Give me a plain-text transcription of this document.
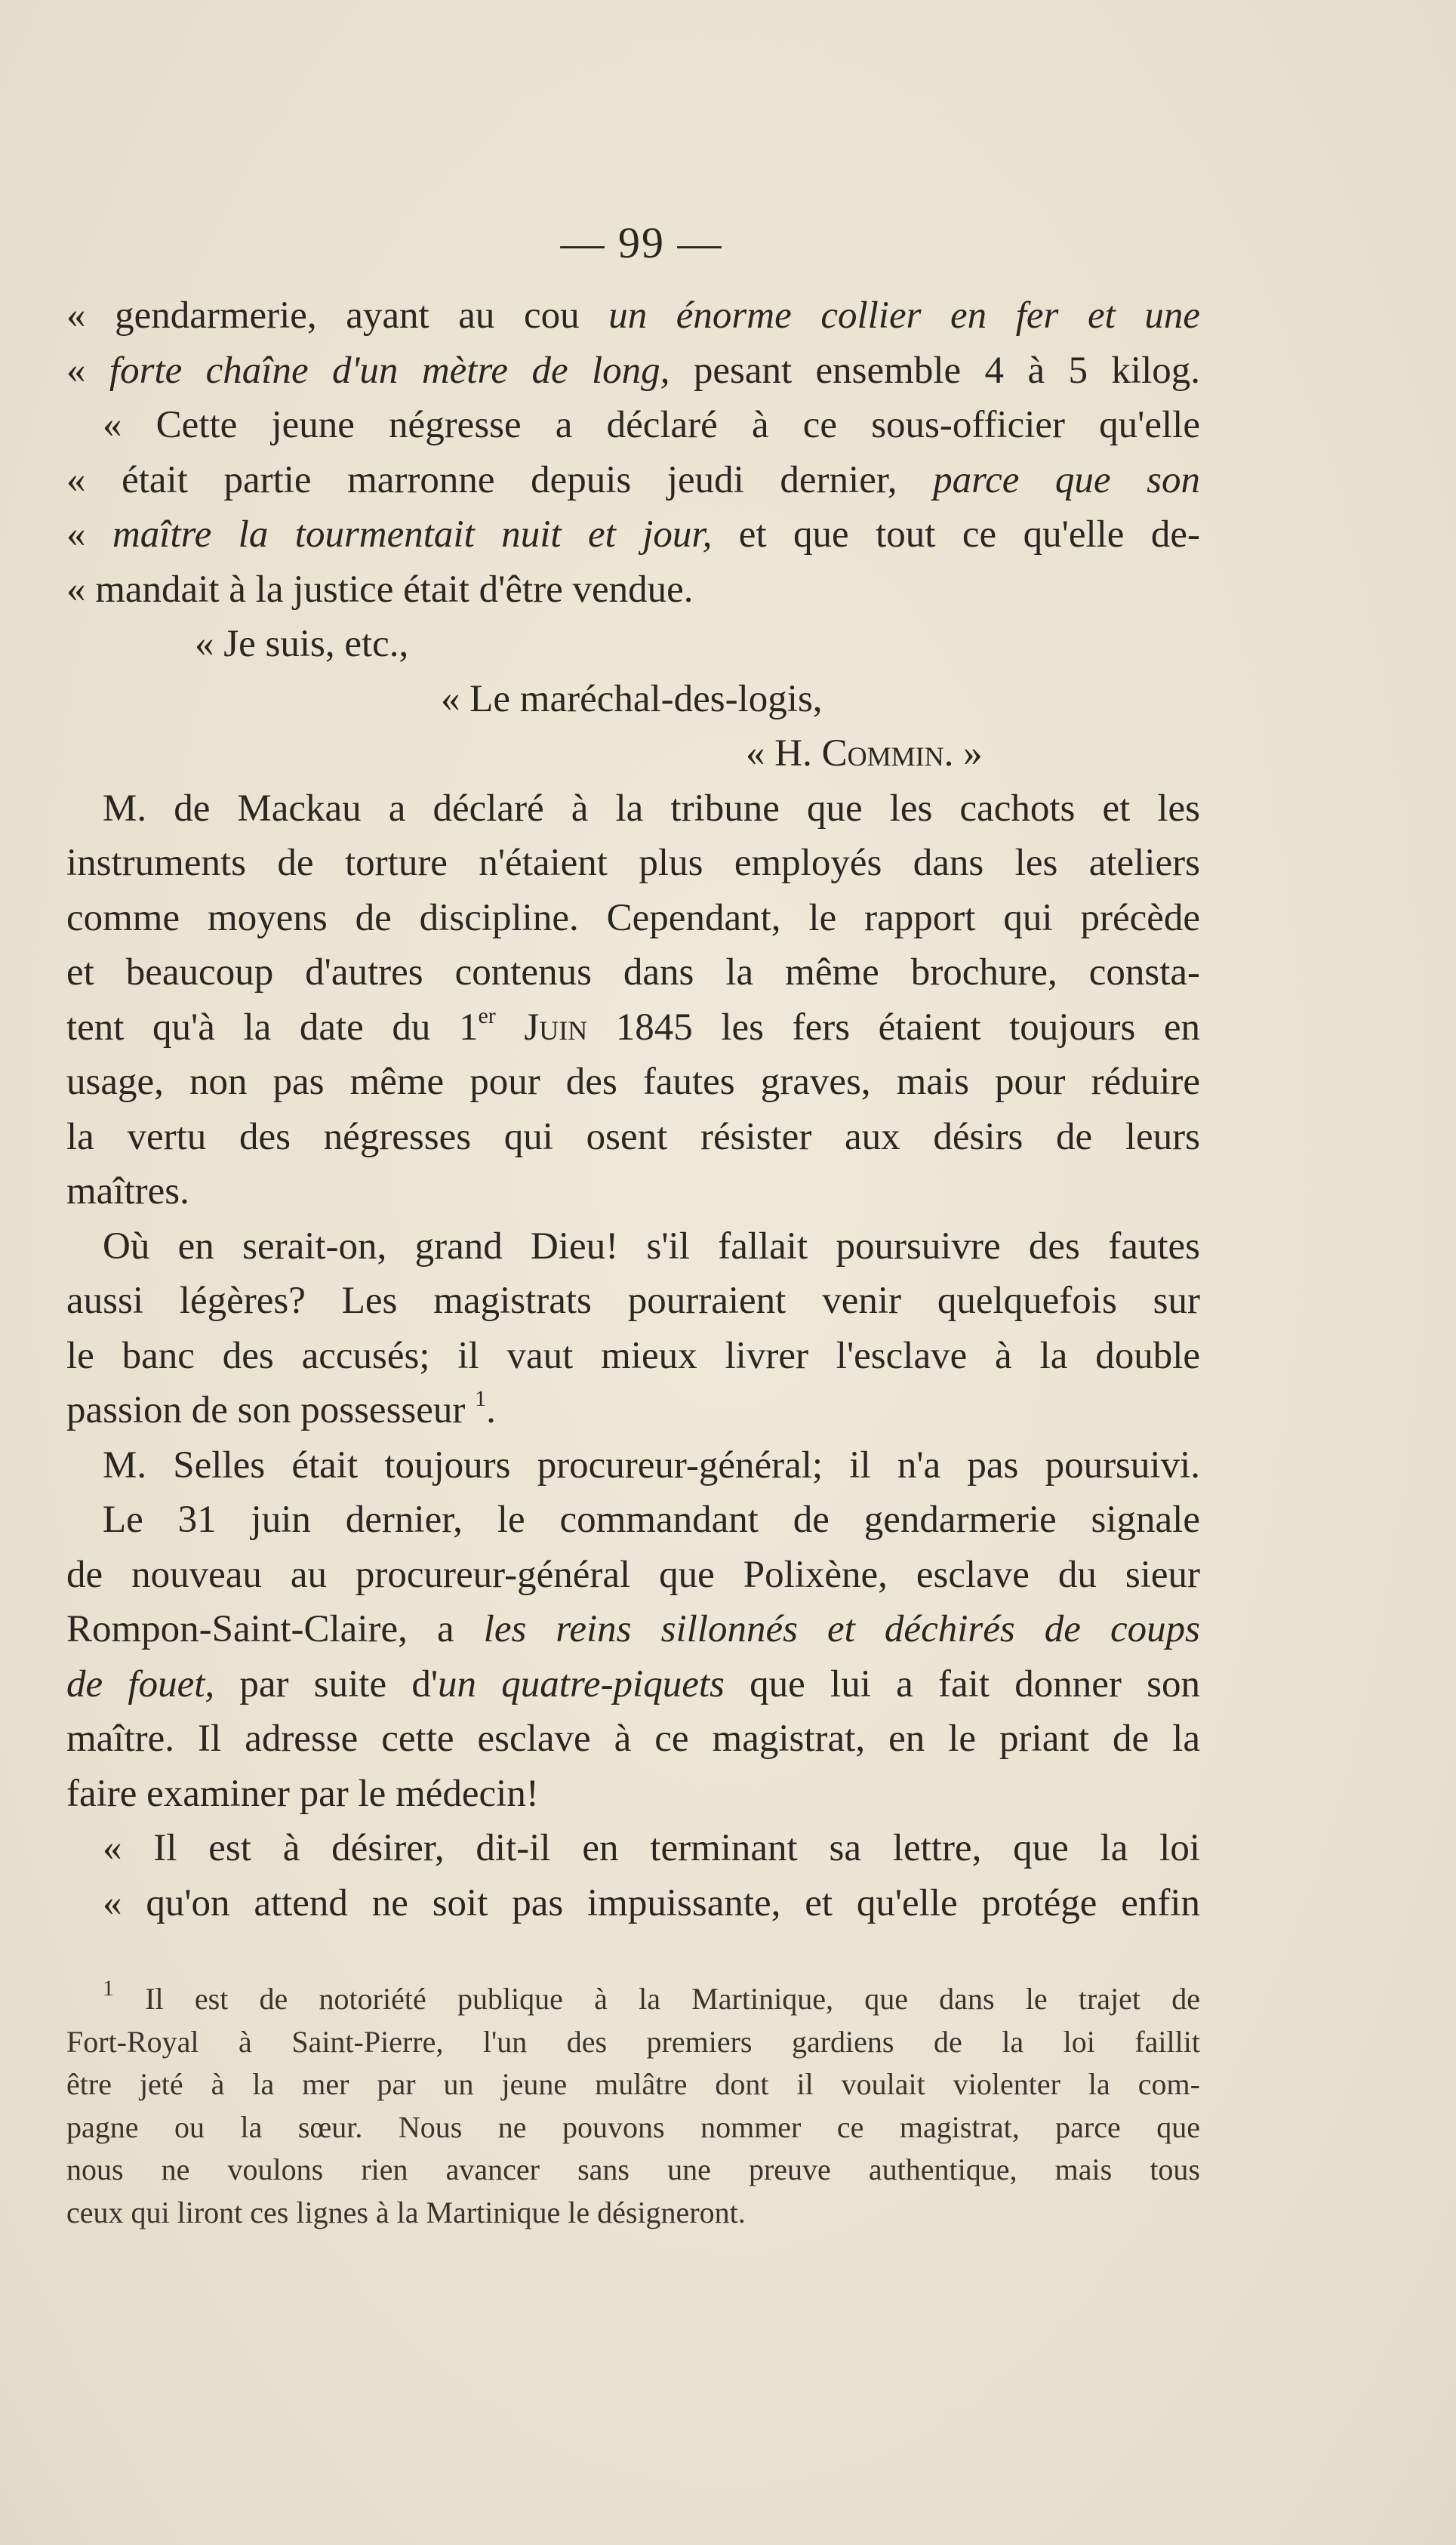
— 99 —
« gendarmerie, ayant au cou un énorme collier en fer et une
« forte chaîne d'un mètre de long, pesant ensemble 4 à 5 kilog.
« Cette jeune négresse a déclaré à ce sous-officier qu'elle
« était partie marronne depuis jeudi dernier, parce que son
« maître la tourmentait nuit et jour, et que tout ce qu'elle de-
« mandait à la justice était d'être vendue.
« Je suis, etc.,
« Le maréchal-des-logis,
« H. Commin. »
M. de Mackau a déclaré à la tribune que les cachots et les
instruments de torture n'étaient plus employés dans les ateliers
comme moyens de discipline. Cependant, le rapport qui précède
et beaucoup d'autres contenus dans la même brochure, consta-
tent qu'à la date du 1er Juin 1845 les fers étaient toujours en
usage, non pas même pour des fautes graves, mais pour réduire
la vertu des négresses qui osent résister aux désirs de leurs
maîtres.
Où en serait-on, grand Dieu! s'il fallait poursuivre des fautes
aussi légères? Les magistrats pourraient venir quelquefois sur
le banc des accusés; il vaut mieux livrer l'esclave à la double
passion de son possesseur $^1$.
M. Selles était toujours procureur-général; il n'a pas poursuivi.
Le 31 juin dernier, le commandant de gendarmerie signale
de nouveau au procureur-général que Polixène, esclave du sieur
Rompon-Saint-Claire, a les reins sillonnés et déchirés de coups
de fouet, par suite d'un quatre-piquets que lui a fait donner son
maître. Il adresse cette esclave à ce magistrat, en le priant de la
faire examiner par le médecin!
« Il est à désirer, dit-il en terminant sa lettre, que la loi
« qu'on attend ne soit pas impuissante, et qu'elle protége enfin
$^1$ Il est de notoriété publique à la Martinique, que dans le trajet de
Fort-Royal à Saint-Pierre, l'un des premiers gardiens de la loi faillit
être jeté à la mer par un jeune mulâtre dont il voulait violenter la com-
pagne ou la sœur. Nous ne pouvons nommer ce magistrat, parce que
nous ne voulons rien avancer sans une preuve authentique, mais tous
ceux qui liront ces lignes à la Martinique le désigneront.
